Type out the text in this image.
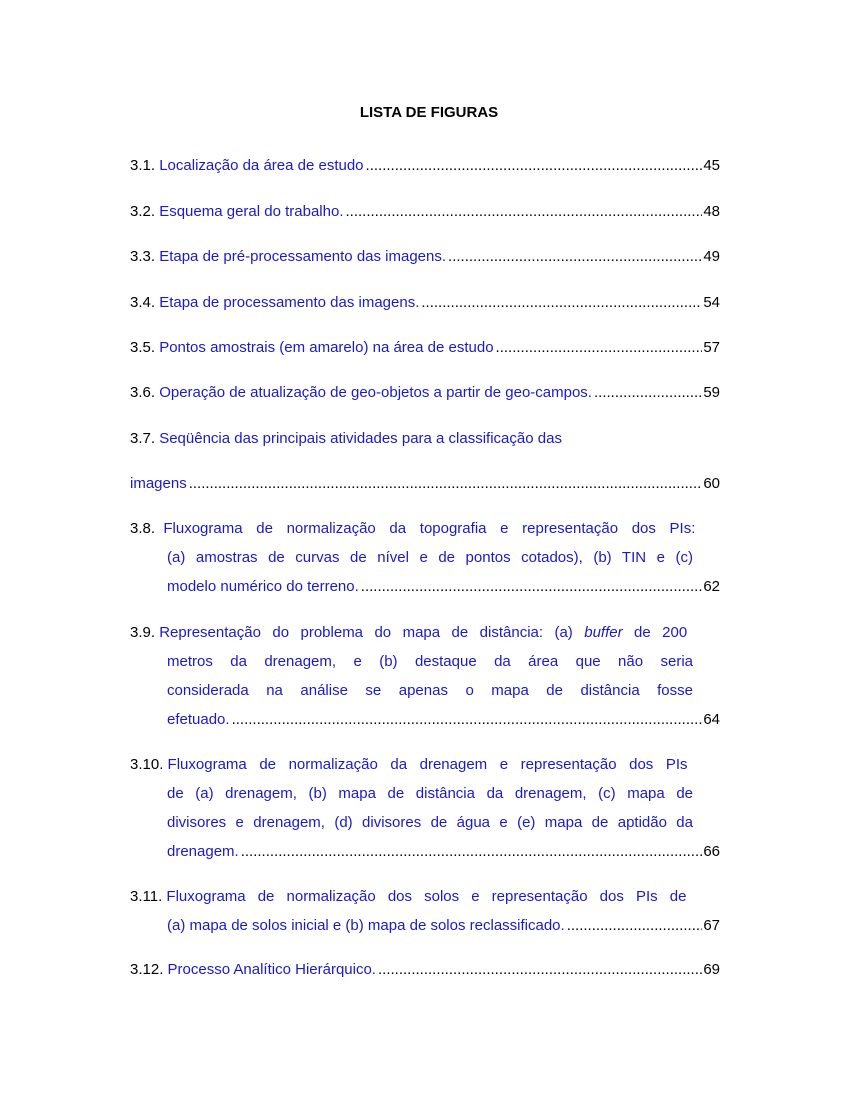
LISTA DE FIGURAS
3.1.
Localização da área de estudo .....	45
3.2.
Esquema geral do trabalho. .....	48
3.3.
Etapa de pré-processamento das imagens. .....	49
3.4.
Etapa de processamento das imagens. .....	54
3.5.
Pontos amostrais (em amarelo) na área de estudo .....	57
3.6.
Operação de atualização de geo-objetos a partir de geo-campos. .....	59
3.7.
Seqüência das principais atividades para a classificação das
imagens .....	60
3.8.
Fluxograma de normalização da topografia e representação dos PIs:
(a) amostras de curvas de nível e de pontos cotados), (b) TIN e (c)
modelo numérico do terreno. .....	62
3.9.
Representação do problema do mapa de distância: (a) buffer de 200
metros da drenagem, e (b) destaque da área que não seria
considerada na análise se apenas o mapa de distância fosse
efetuado. .....	64
3.10.
Fluxograma de normalização da drenagem e representação dos PIs
de (a) drenagem, (b) mapa de distância da drenagem, (c) mapa de
divisores e drenagem, (d) divisores de água e (e) mapa de aptidão da
drenagem. .....	66
3.11.
Fluxograma de normalização dos solos e representação dos PIs de
(a) mapa de solos inicial e (b) mapa de solos reclassificado. .....	67
3.12.
Processo Analítico Hierárquico. .....	69
